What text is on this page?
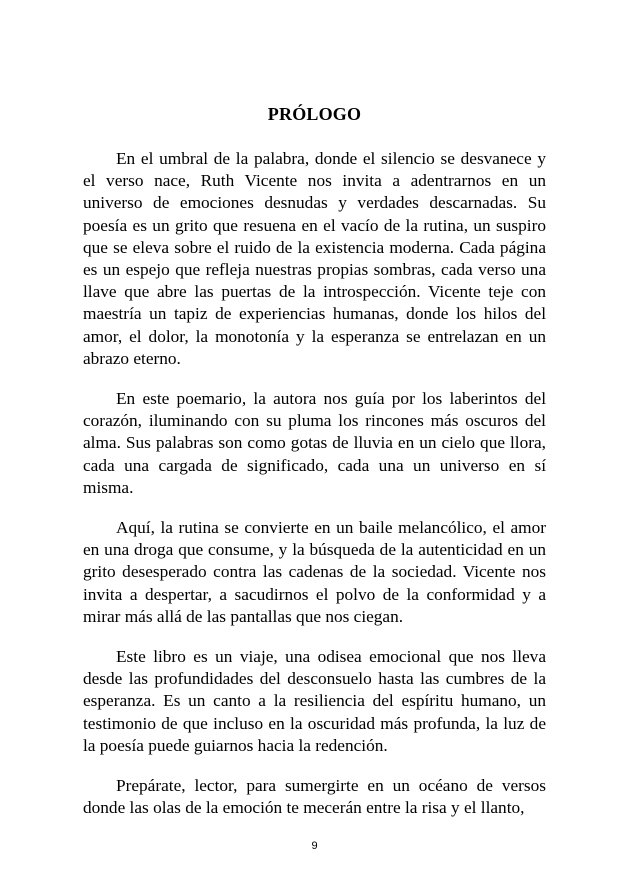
PRÓLOGO

En el umbral de la palabra, donde el silencio se desvanece y el verso nace, Ruth Vicente nos invita a adentrarnos en un universo de emociones desnudas y verdades descarnadas. Su poesía es un grito que resuena en el vacío de la rutina, un suspiro que se eleva sobre el ruido de la existencia moderna. Cada página es un espejo que refleja nuestras propias sombras, cada verso una llave que abre las puertas de la introspección. Vicente teje con maestría un tapiz de experiencias humanas, donde los hilos del amor, el dolor, la monotonía y la esperanza se entrelazan en un abrazo eterno.

En este poemario, la autora nos guía por los laberintos del corazón, iluminando con su pluma los rincones más oscuros del alma. Sus palabras son como gotas de lluvia en un cielo que llora, cada una cargada de significado, cada una un universo en sí misma.

Aquí, la rutina se convierte en un baile melancólico, el amor en una droga que consume, y la búsqueda de la autenticidad en un grito desesperado contra las cadenas de la sociedad. Vicente nos invita a despertar, a sacudirnos el polvo de la conformidad y a mirar más allá de las pantallas que nos ciegan.

Este libro es un viaje, una odisea emocional que nos lleva desde las profundidades del desconsuelo hasta las cumbres de la esperanza. Es un canto a la resiliencia del espíritu humano, un testimonio de que incluso en la oscuridad más profunda, la luz de la poesía puede guiarnos hacia la redención.

Prepárate, lector, para sumergirte en un océano de versos donde las olas de la emoción te mecerán entre la risa y el llanto,

9
